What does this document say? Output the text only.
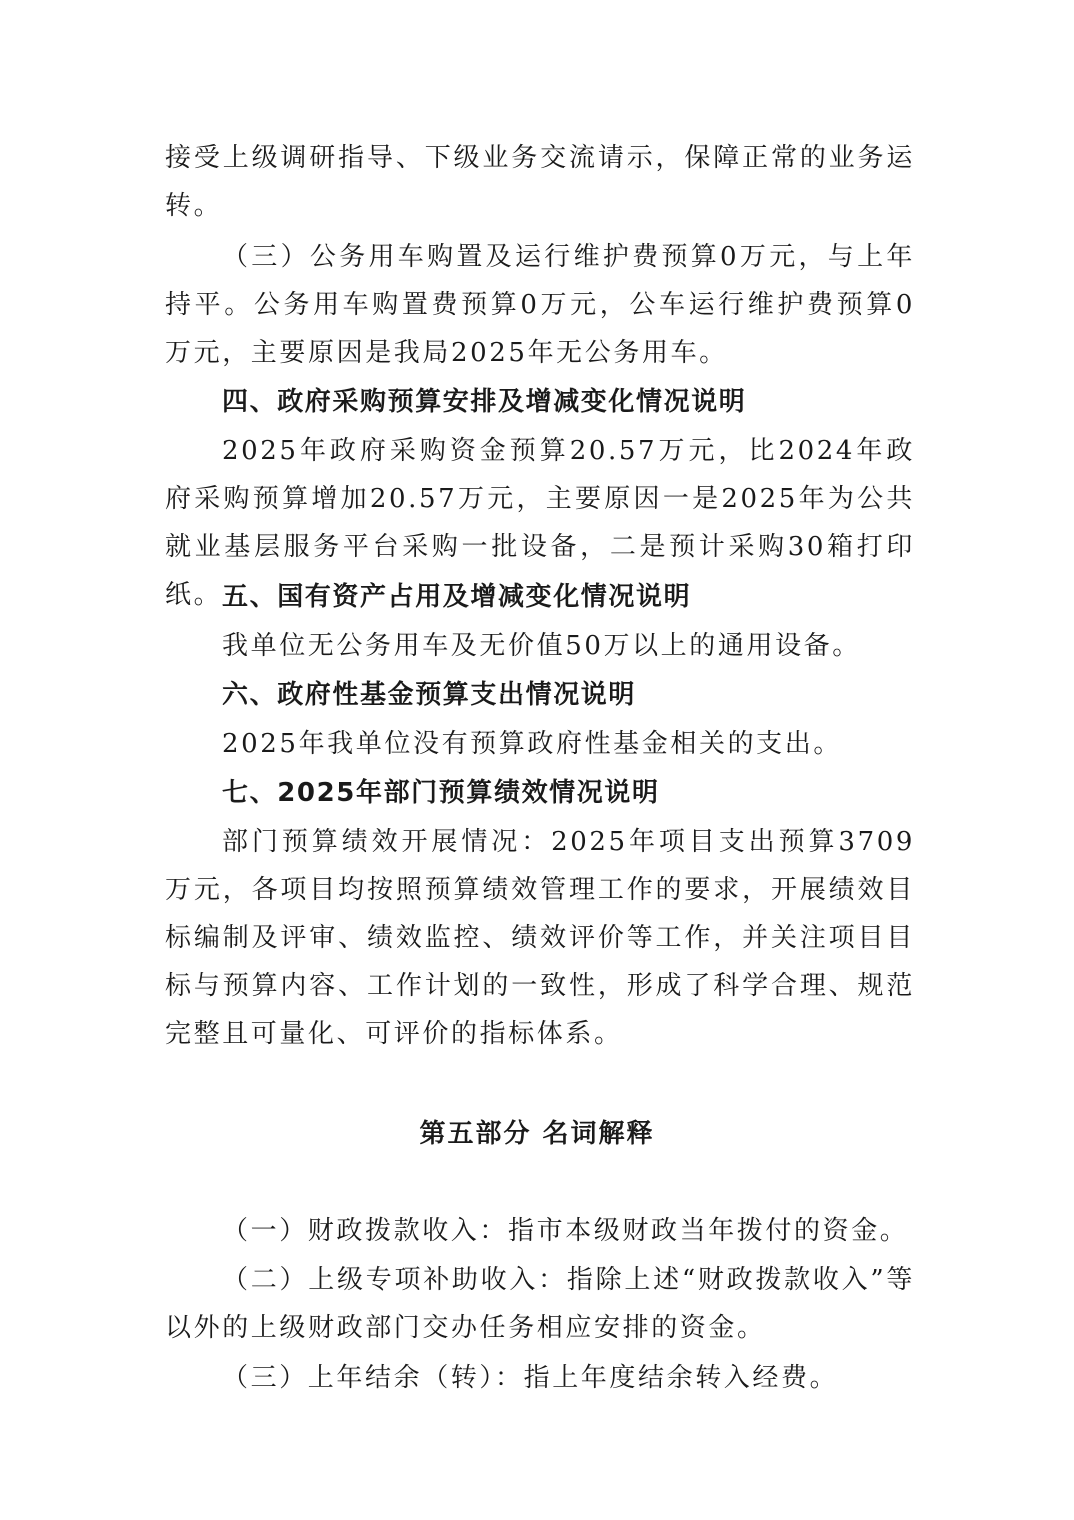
接受上级调研指导、下级业务交流请示，保障正常的业务运转。

（三）公务用车购置及运行维护费预算0万元，与上年持平。公务用车购置费预算0万元，公车运行维护费预算0万元，主要原因是我局2025年无公务用车。

四、政府采购预算安排及增减变化情况说明

2025年政府采购资金预算20.57万元，比2024年政府采购预算增加20.57万元，主要原因一是2025年为公共就业基层服务平台采购一批设备，二是预计采购30箱打印纸。 五、国有资产占用及增减变化情况说明

我单位无公务用车及无价值50万以上的通用设备。

六、政府性基金预算支出情况说明

2025年我单位没有预算政府性基金相关的支出。

七、2025年部门预算绩效情况说明

部门预算绩效开展情况：2025年项目支出预算3709万元，各项目均按照预算绩效管理工作的要求，开展绩效目标编制及评审、绩效监控、绩效评价等工作，并关注项目目标与预算内容、工作计划的一致性，形成了科学合理、规范完整且可量化、可评价的指标体系。

第五部分 名词解释

（一）财政拨款收入：指市本级财政当年拨付的资金。

（二）上级专项补助收入：指除上述“财政拨款收入”等以外的上级财政部门交办任务相应安排的资金。

（三）上年结余（转）：指上年度结余转入经费。
